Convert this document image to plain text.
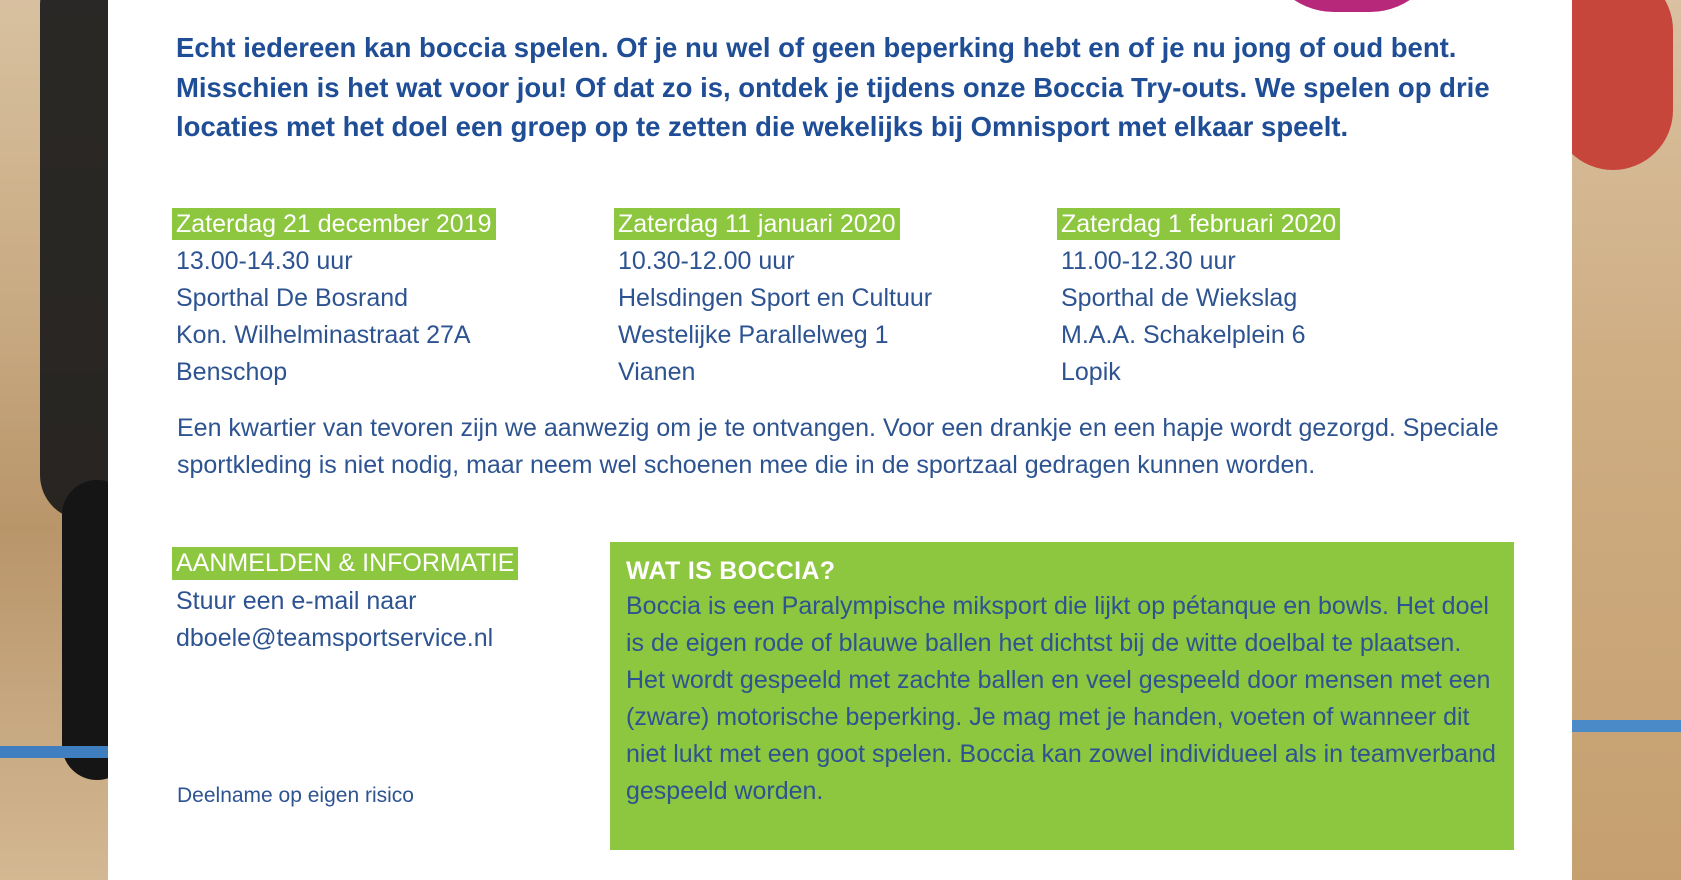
Echt iedereen kan boccia spelen. Of je nu wel of geen beperking hebt en of je nu jong of oud bent. Misschien is het wat voor jou! Of dat zo is, ontdek je tijdens onze Boccia Try-outs. We spelen op drie locaties met het doel een groep op te zetten die wekelijks bij Omnisport met elkaar speelt.
Zaterdag 21 december 2019
13.00-14.30 uur
Sporthal De Bosrand
Kon. Wilhelminastraat 27A
Benschop
Zaterdag 11 januari 2020
10.30-12.00 uur
Helsdingen Sport en Cultuur
Westelijke Parallelweg 1
Vianen
Zaterdag 1 februari 2020
11.00-12.30 uur
Sporthal de Wiekslag
M.A.A. Schakelplein 6
Lopik
Een kwartier van tevoren zijn we aanwezig om je te ontvangen. Voor een drankje en een hapje wordt gezorgd. Speciale sportkleding is niet nodig, maar neem wel schoenen mee die in de sportzaal gedragen kunnen worden.
AANMELDEN & INFORMATIE
Stuur een e-mail naar
dboele@teamsportservice.nl
Deelname op eigen risico
WAT IS BOCCIA?
Boccia is een Paralympische miksport die lijkt op pétanque en bowls. Het doel is de eigen rode of blauwe ballen het dichtst bij de witte doelbal te plaatsen. Het wordt gespeeld met zachte ballen en veel gespeeld door mensen met een (zware) motorische beperking. Je mag met je handen, voeten of wanneer dit niet lukt met een goot spelen. Boccia kan zowel individueel als in teamverband gespeeld worden.
